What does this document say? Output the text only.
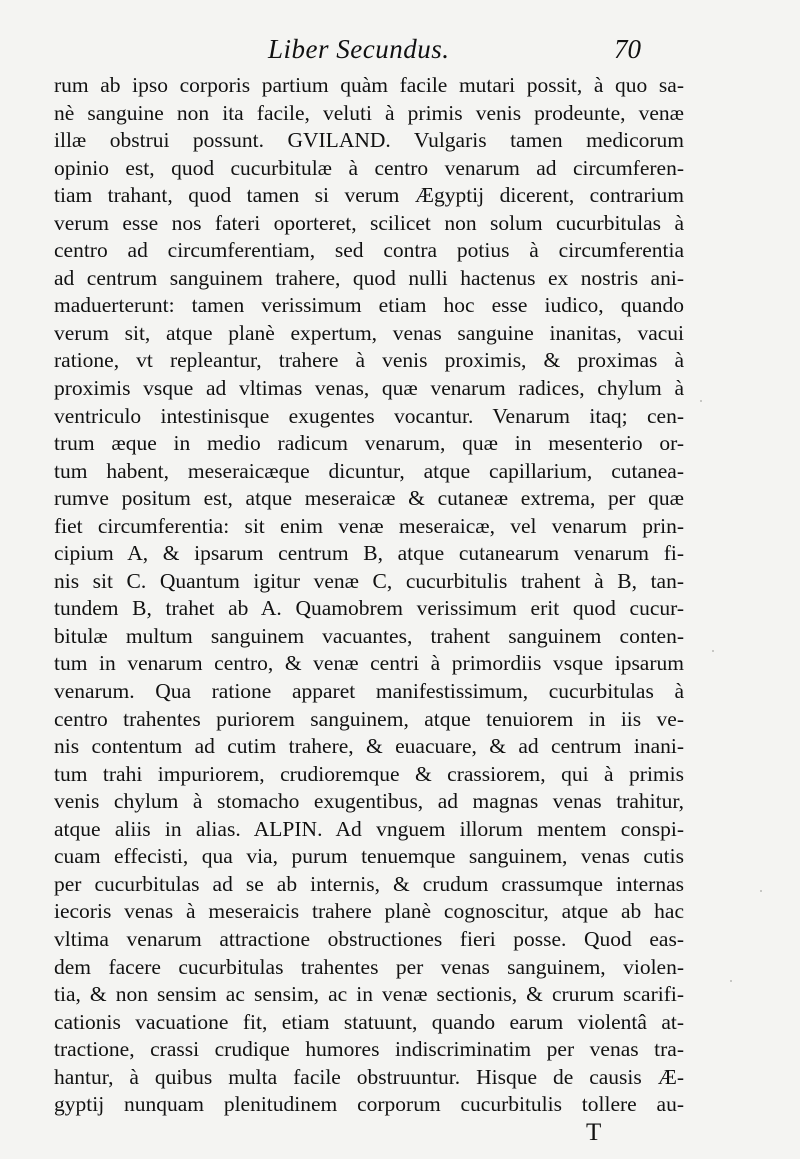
Liber Secundus.	70
rum ab ipso corporis partium quàm facile mutari possit, à quo sa-
nè sanguine non ita facile, veluti à primis venis prodeunte, venæ
illæ obstrui possunt. GVILAND. Vulgaris tamen medicorum
opinio est, quod cucurbitulæ à centro venarum ad circumferen-
tiam trahant, quod tamen si verum Ægyptij dicerent, contrarium
verum esse nos fateri oporteret, scilicet non solum cucurbitulas à
centro ad circumferentiam, sed contra potius à circumferentia
ad centrum sanguinem trahere, quod nulli hactenus ex nostris ani-
maduerterunt: tamen verissimum etiam hoc esse iudico, quando
verum sit, atque planè expertum, venas sanguine inanitas, vacui
ratione, vt repleantur, trahere à venis proximis, & proximas à
proximis vsque ad vltimas venas, quæ venarum radices, chylum à
ventriculo intestinisque exugentes vocantur. Venarum itaq; cen-
trum æque in medio radicum venarum, quæ in mesenterio or-
tum habent, meseraicæque dicuntur, atque capillarium, cutanea-
rumve positum est, atque meseraicæ & cutaneæ extrema, per quæ
fiet circumferentia: sit enim venæ meseraicæ, vel venarum prin-
cipium A, & ipsarum centrum B, atque cutanearum venarum fi-
nis sit C. Quantum igitur venæ C, cucurbitulis trahent à B, tan-
tundem B, trahet ab A. Quamobrem verissimum erit quod cucur-
bitulæ multum sanguinem vacuantes, trahent sanguinem conten-
tum in venarum centro, & venæ centri à primordiis vsque ipsarum
venarum. Qua ratione apparet manifestissimum, cucurbitulas à
centro trahentes puriorem sanguinem, atque tenuiorem in iis ve-
nis contentum ad cutim trahere, & euacuare, & ad centrum inani-
tum trahi impuriorem, crudioremque & crassiorem, qui à primis
venis chylum à stomacho exugentibus, ad magnas venas trahitur,
atque aliis in alias. ALPIN. Ad vnguem illorum mentem conspi-
cuam effecisti, qua via, purum tenuemque sanguinem, venas cutis
per cucurbitulas ad se ab internis, & crudum crassumque internas
iecoris venas à meseraicis trahere planè cognoscitur, atque ab hac
vltima venarum attractione obstructiones fieri posse. Quod eas-
dem facere cucurbitulas trahentes per venas sanguinem, violen-
tia, & non sensim ac sensim, ac in venæ sectionis, & crurum scarifi-
cationis vacuatione fit, etiam statuunt, quando earum violentâ at-
tractione, crassi crudique humores indiscriminatim per venas tra-
hantur, à quibus multa facile obstruuntur. Hisque de causis Æ-
gyptij nunquam plenitudinem corporum cucurbitulis tollere au-
T
